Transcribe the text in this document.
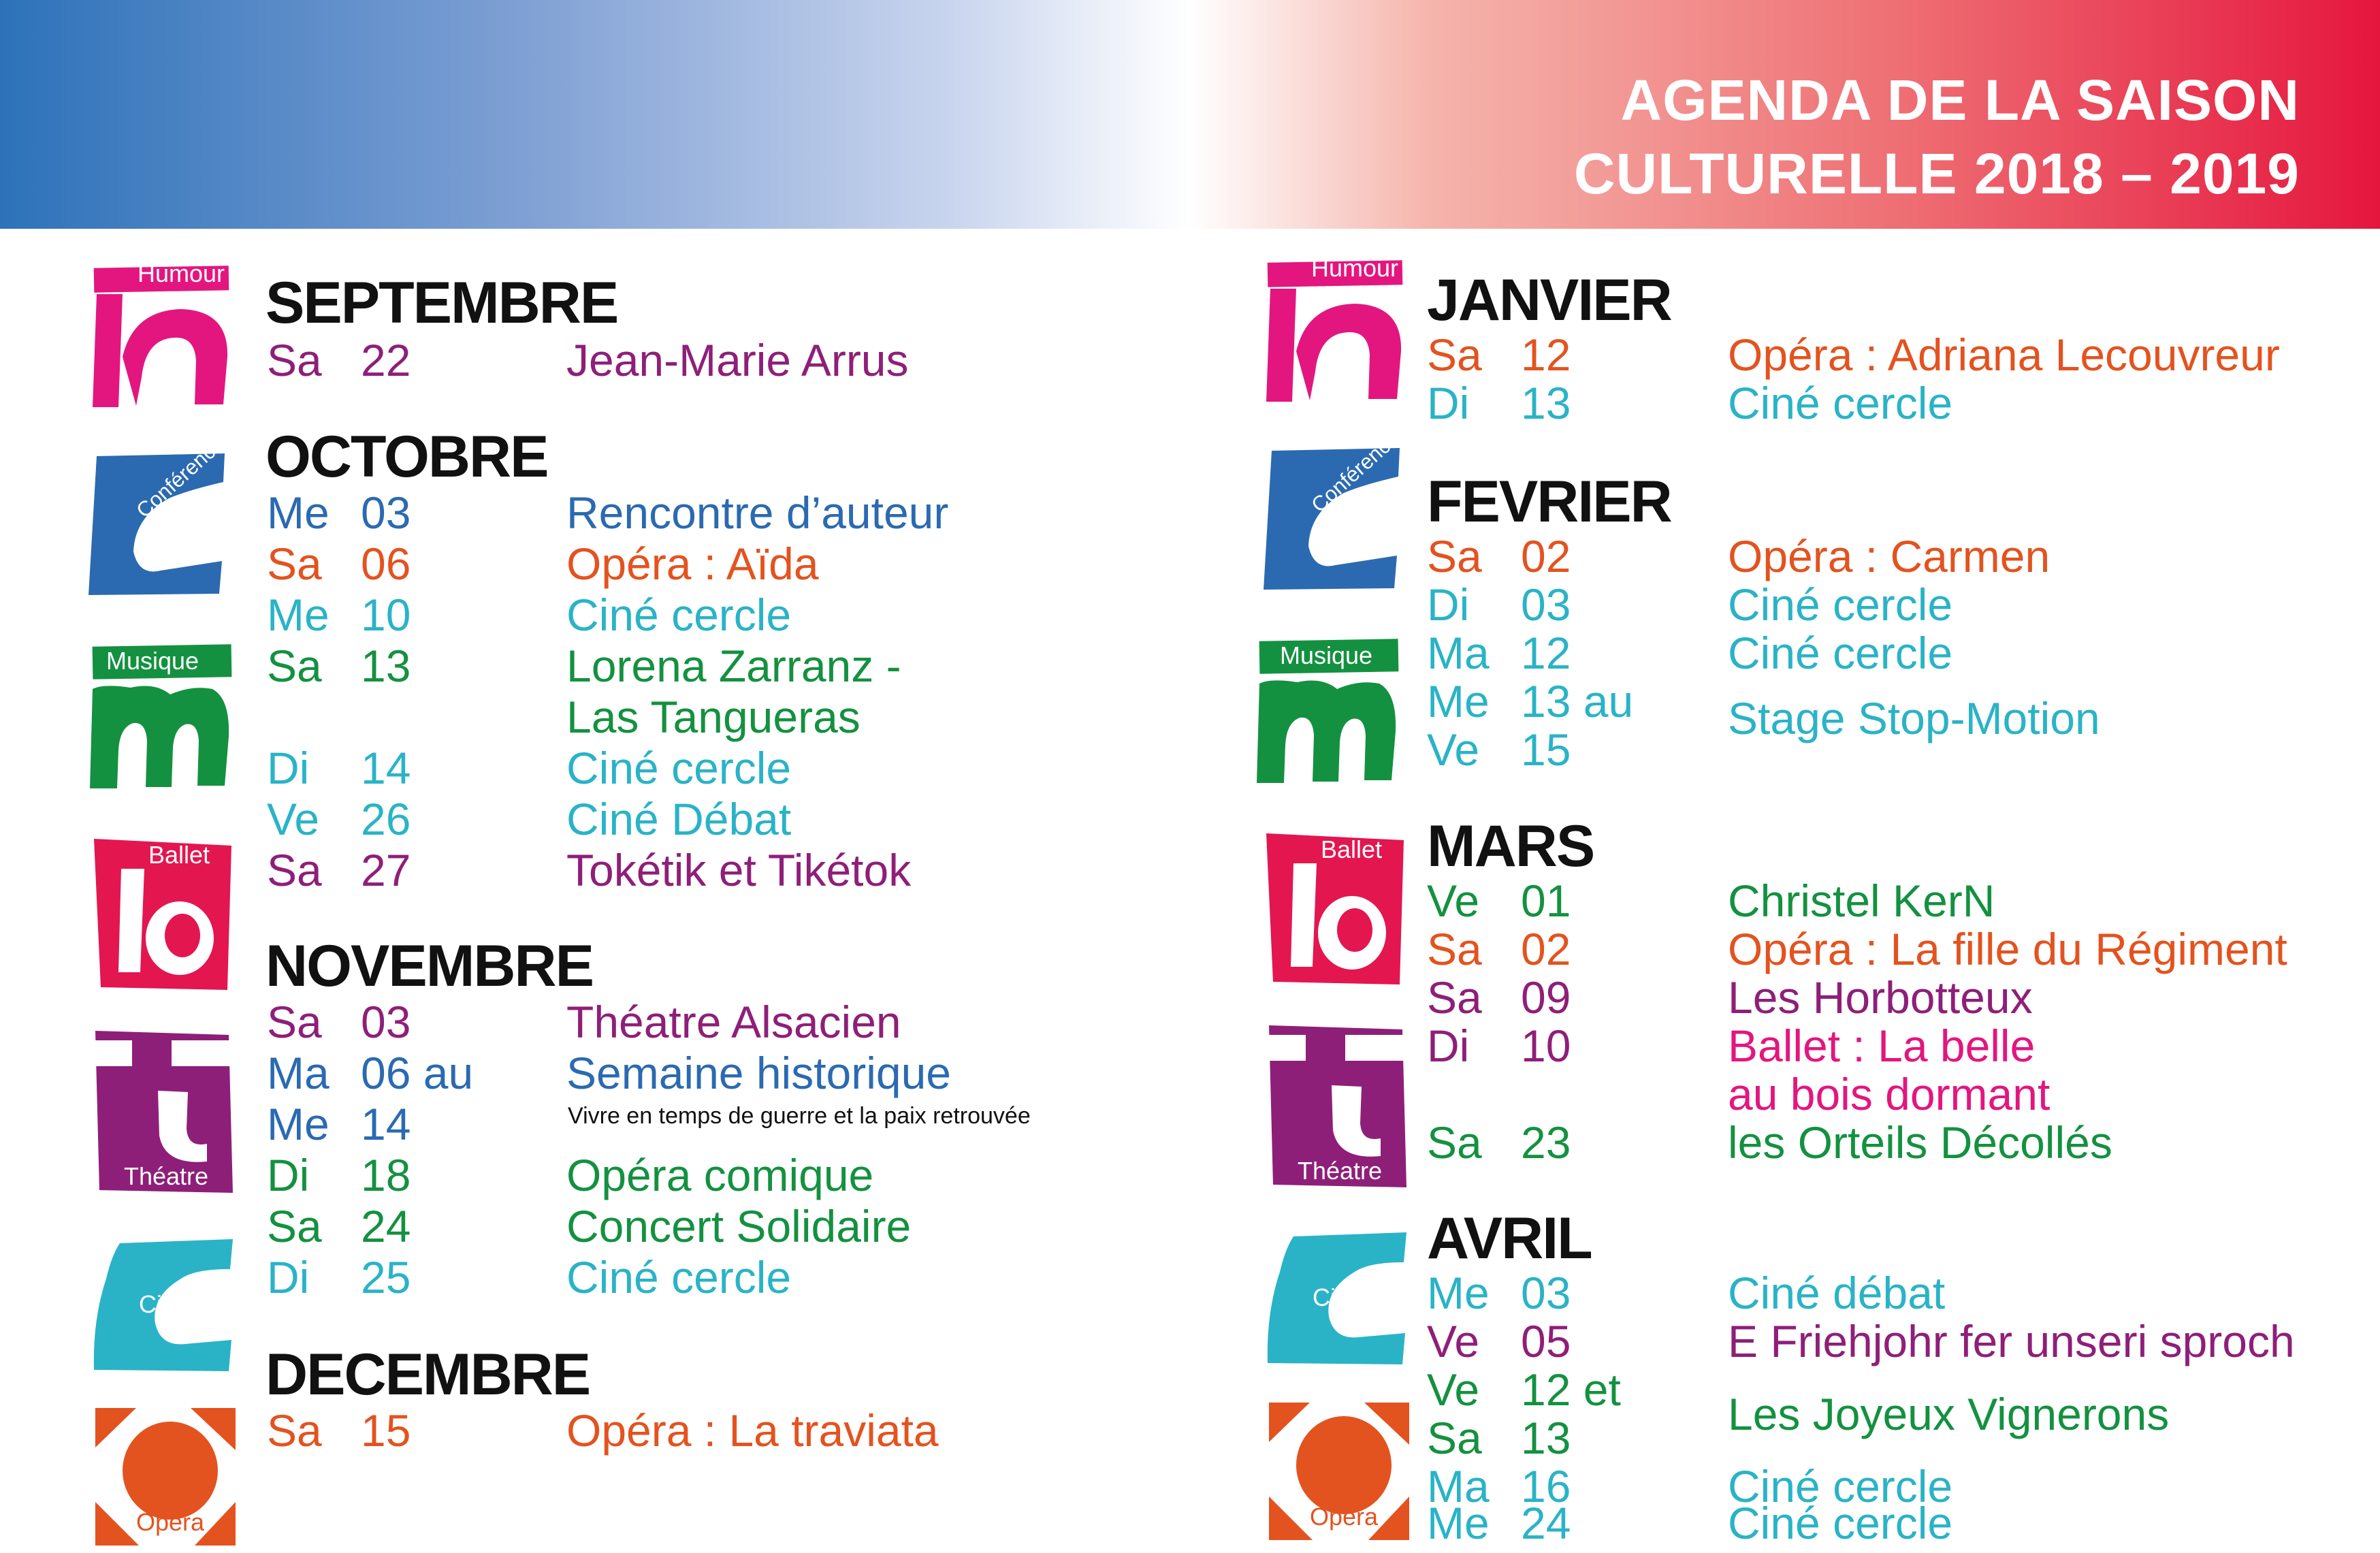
AGENDA DE LA SAISON
CULTURELLE 2018 – 2019
Humour
Conférence
Musique
Ballet
Théatre
Cinéma
Opéra
Humour
Conférence
Musique
Ballet
Théatre
Cinéma
Opéra
SEPTEMBRE
Sa 22	Jean-Marie Arrus
OCTOBRE
Me 03	Rencontre d’auteur
Sa 06	Opéra : Aïda
Me 10	Ciné cercle
Sa 13	Lorena Zarranz -
Las Tangueras
Di 14	Ciné cercle
Ve 26	Ciné Débat
Sa 27	Tokétik et Tikétok
NOVEMBRE
Sa 03	Théatre Alsacien
Ma 06 au Semaine historique
Me 14	Vivre en temps de guerre et la paix retrouvée
Di 18	Opéra comique
Sa 24	Concert Solidaire
Di 25	Ciné cercle
DECEMBRE
Sa 15	Opéra : La traviata
JANVIER
Sa 12	Opéra : Adriana Lecouvreur
Di 13	Ciné cercle
FEVRIER
Sa 02	Opéra : Carmen
Di 03	Ciné cercle
Ma 12	Ciné cercle
Me 13 au Stage Stop-Motion
Ve 15
MARS
Ve 01	Christel KerN
Sa 02	Opéra : La fille du Régiment
Sa 09	Les Horbotteux
Di 10	Ballet : La belle
au bois dormant
Sa 23	les Orteils Décollés
AVRIL
Me 03	Ciné débat
Ve 05	E Friehjohr fer unseri sproch
Ve 12 et Les Joyeux Vignerons
Sa 13
Ma 16	Ciné cercle
Me 24	Ciné cercle
